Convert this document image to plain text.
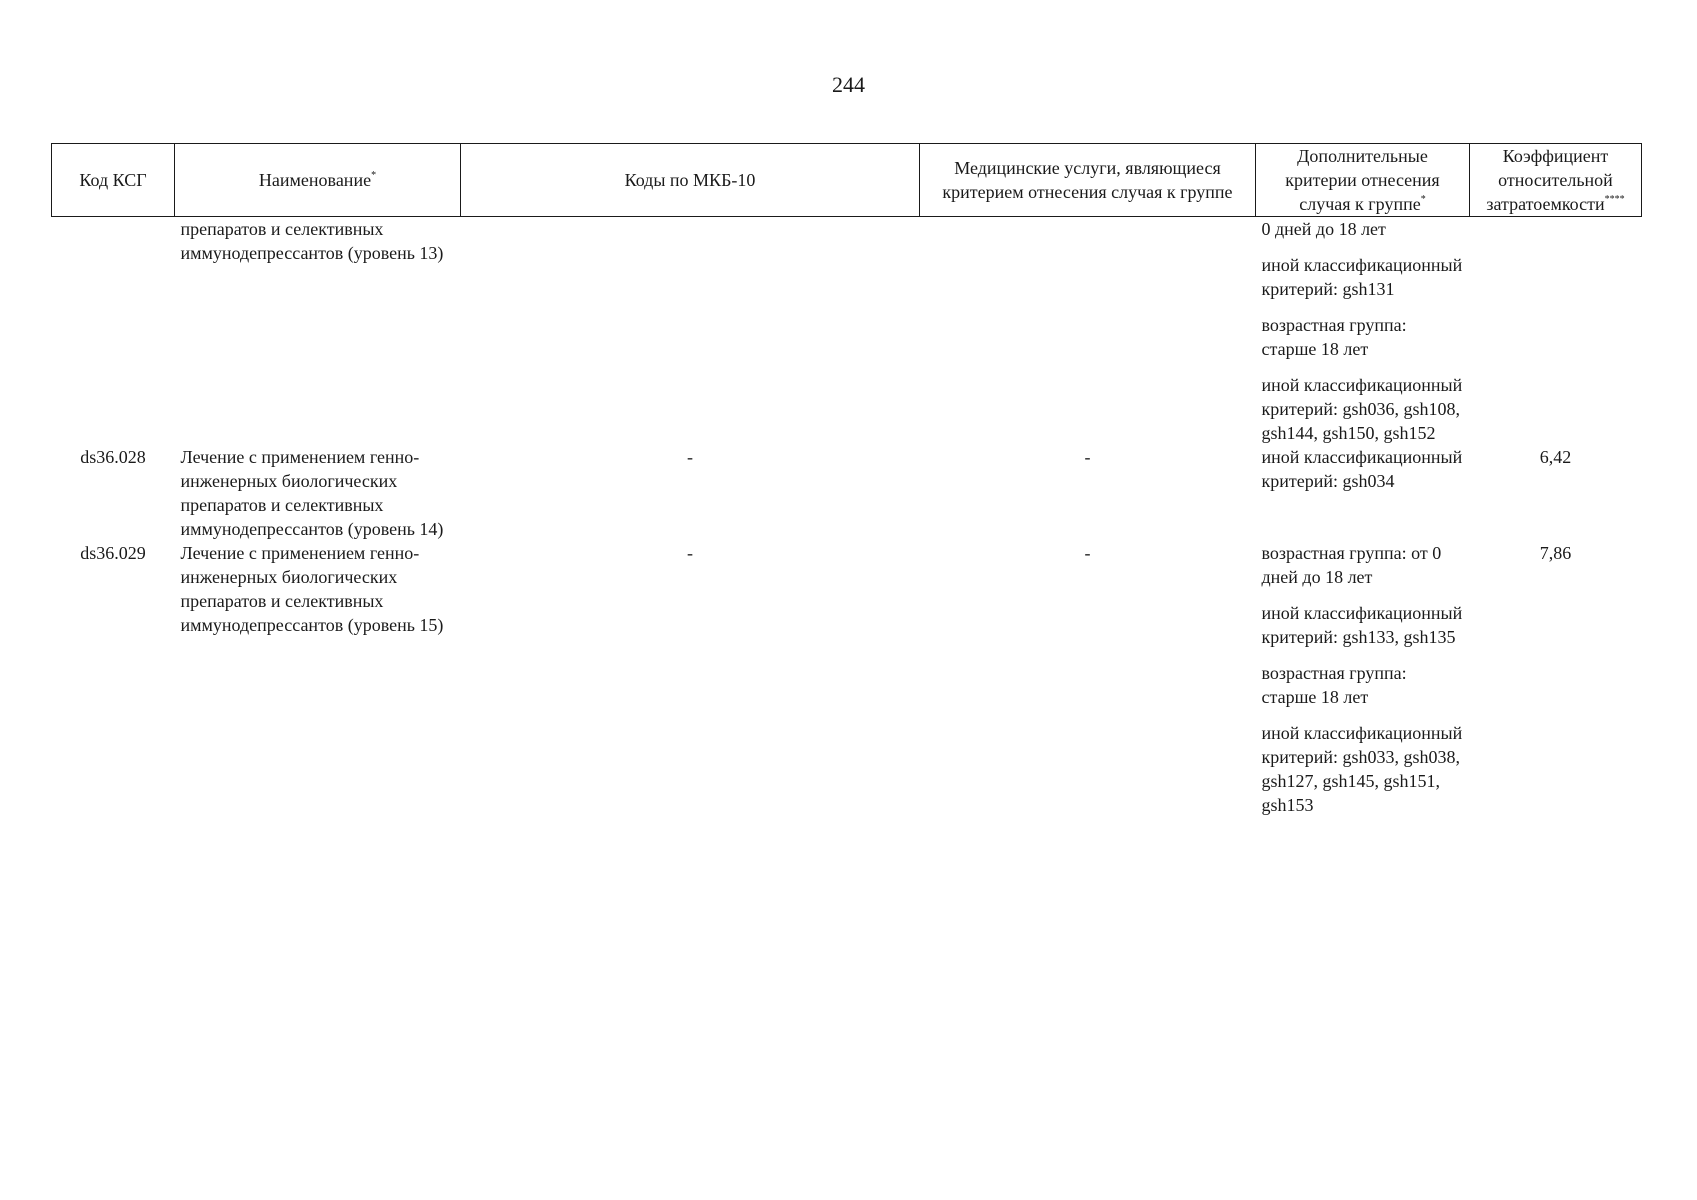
244
Код КСГ	Наименование*	Коды по МКБ-10	Медицинские услуги, являющиеся критерием отнесения случая к группе	Дополнительные критерии отнесения случая к группе*	Коэффициент относительной затратоемкости****
	препаратов и селективных иммунодепрессантов (уровень 13)			0 дней до 18 лет
иной классификационный критерий: gsh131
возрастная группа: старше 18 лет
иной классификационный критерий: gsh036, gsh108, gsh144, gsh150, gsh152	

ds36.028	Лечение с применением генно-инженерных биологических препаратов и селективных иммунодепрессантов (уровень 14)	-	-	иной классификационный критерий: gsh034	6,42
ds36.029	Лечение с применением генно-инженерных биологических препаратов и селективных иммунодепрессантов (уровень 15)	-	-	возрастная группа: от 0 дней до 18 лет
иной классификационный критерий: gsh133, gsh135
возрастная группа: старше 18 лет
иной классификационный критерий: gsh033, gsh038, gsh127, gsh145, gsh151, gsh153	7,86
